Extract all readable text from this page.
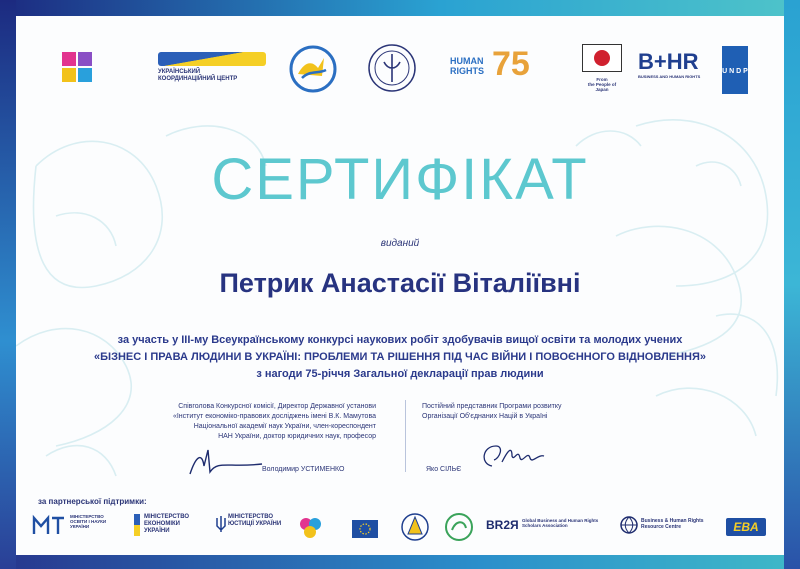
УКРАЇНСЬКИЙ
КООРДИНАЦІЙНИЙ ЦЕНТР
HUMAN RIGHTS 75	From
the People of Japan
B+HR
BUSINESS AND HUMAN RIGHTS
U N D P
СЕРТИФІКАТ
виданий
Петрик Анастасії Віталіївні
за участь у ІІІ-му Всеукраїнському конкурсі наукових робіт здобувачів вищої освіти та молодих учених
«БІЗНЕС І ПРАВА ЛЮДИНИ В УКРАЇНІ: ПРОБЛЕМИ ТА РІШЕННЯ ПІД ЧАС ВІЙНИ І ПОВОЄННОГО ВІДНОВЛЕННЯ»
з нагоди 75-річчя Загальної декларації прав людини
Співголова Конкурсної комісії, Директор Державної установи
«Інститут економіко-правових досліджень імені В.К. Мамутова
Національної академії наук України, член-кореспондент
НАН України, доктор юридичних наук, професор
Володимир УСТИМЕНКО
Постійний представник Програми розвитку
Організації Об'єднаних Націй в Україні
Яко СІЛЬЄ
за партнерської підтримки:
МІНІСТЕРСТВО
ОСВІТИ І НАУКИ
УКРАЇНИ
МІНІСТЕРСТВО
ЕКОНОМІКИ
УКРАЇНИ
МІНІСТЕРСТВО
ЮСТИЦІЇ УКРАЇНИ	BR2Я Global Business and Human Rights
Scholars Association
Business & Human Rights
Resource Centre	EBA
